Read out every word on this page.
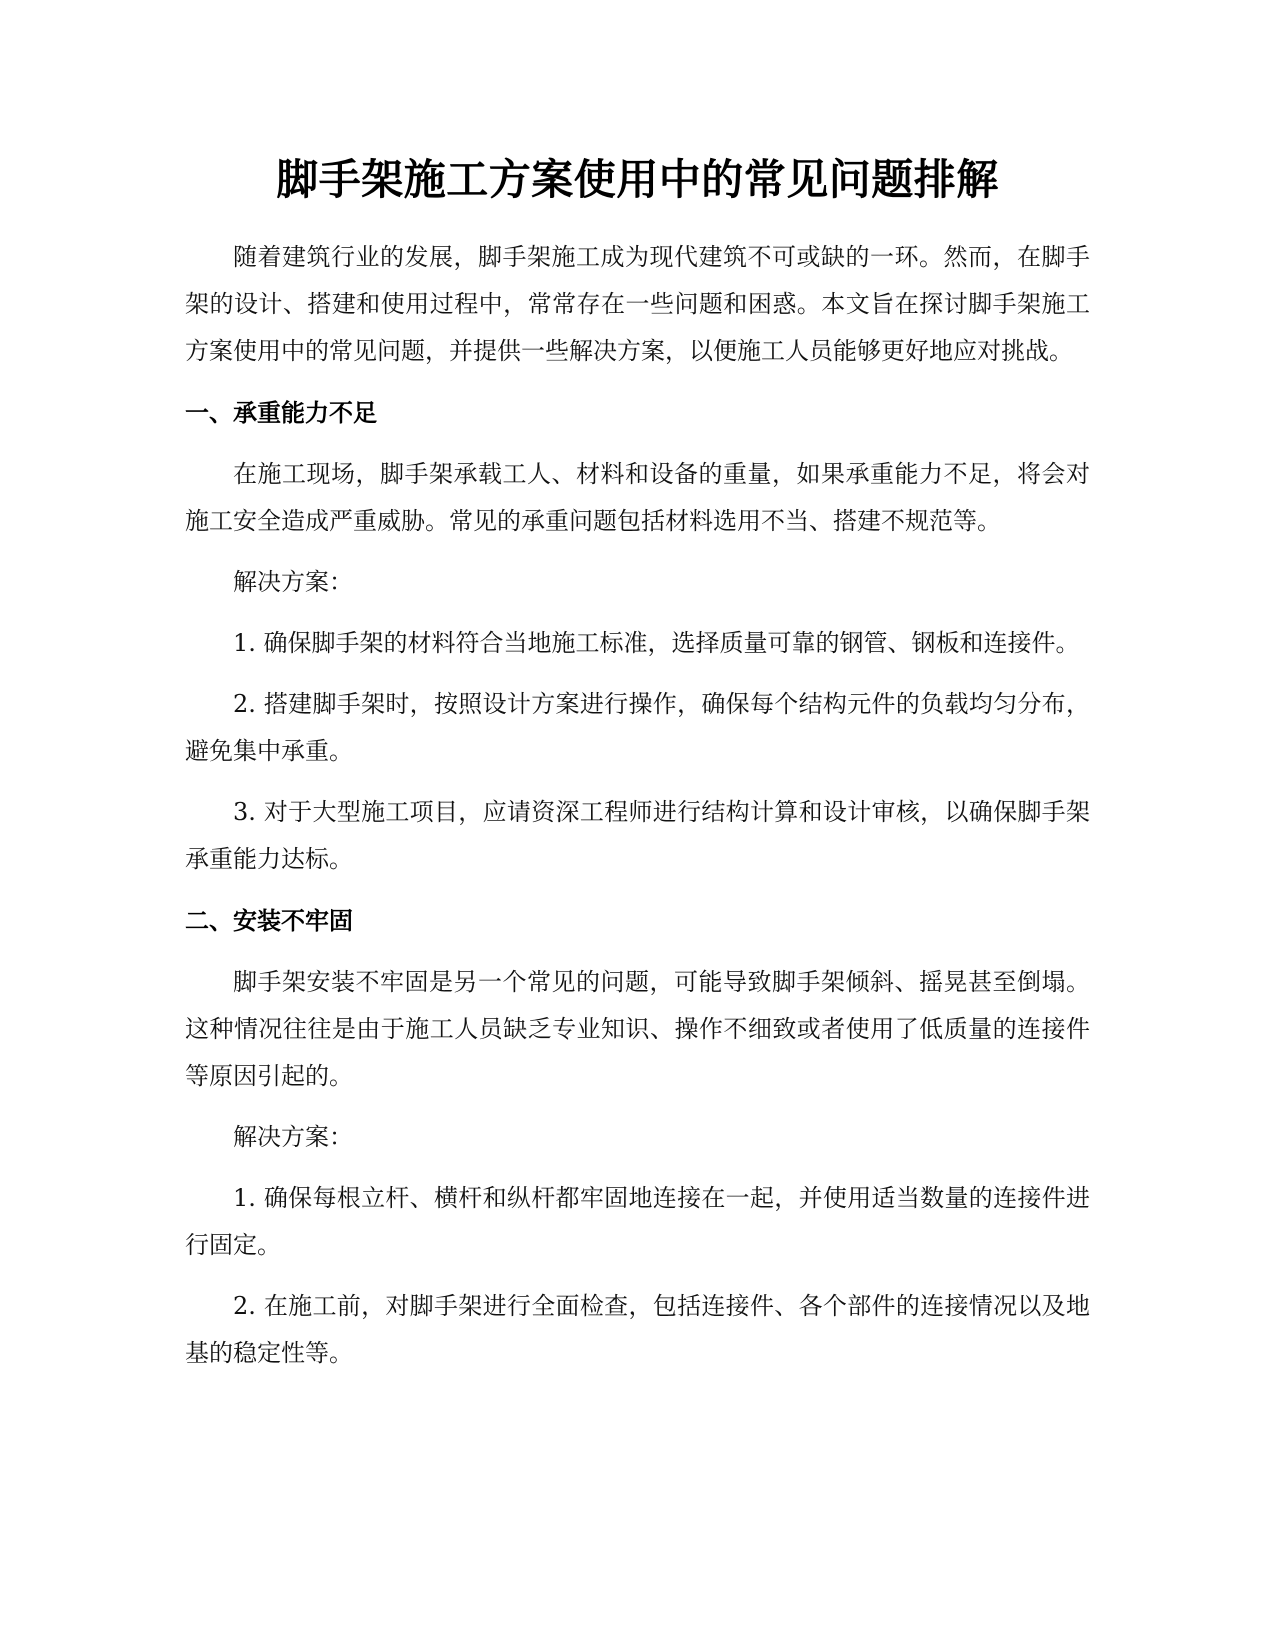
脚手架施工方案使用中的常见问题排解

随着建筑行业的发展，脚手架施工成为现代建筑不可或缺的一环。然而，在脚手架的设计、搭建和使用过程中，常常存在一些问题和困惑。本文旨在探讨脚手架施工方案使用中的常见问题，并提供一些解决方案，以便施工人员能够更好地应对挑战。

一、承重能力不足

在施工现场，脚手架承载工人、材料和设备的重量，如果承重能力不足，将会对施工安全造成严重威胁。常见的承重问题包括材料选用不当、搭建不规范等。

解决方案：

1. 确保脚手架的材料符合当地施工标准，选择质量可靠的钢管、钢板和连接件。

2. 搭建脚手架时，按照设计方案进行操作，确保每个结构元件的负载均匀分布，避免集中承重。

3. 对于大型施工项目，应请资深工程师进行结构计算和设计审核，以确保脚手架承重能力达标。

二、安装不牢固

脚手架安装不牢固是另一个常见的问题，可能导致脚手架倾斜、摇晃甚至倒塌。这种情况往往是由于施工人员缺乏专业知识、操作不细致或者使用了低质量的连接件等原因引起的。

解决方案：

1. 确保每根立杆、横杆和纵杆都牢固地连接在一起，并使用适当数量的连接件进行固定。

2. 在施工前，对脚手架进行全面检查，包括连接件、各个部件的连接情况以及地基的稳定性等。
